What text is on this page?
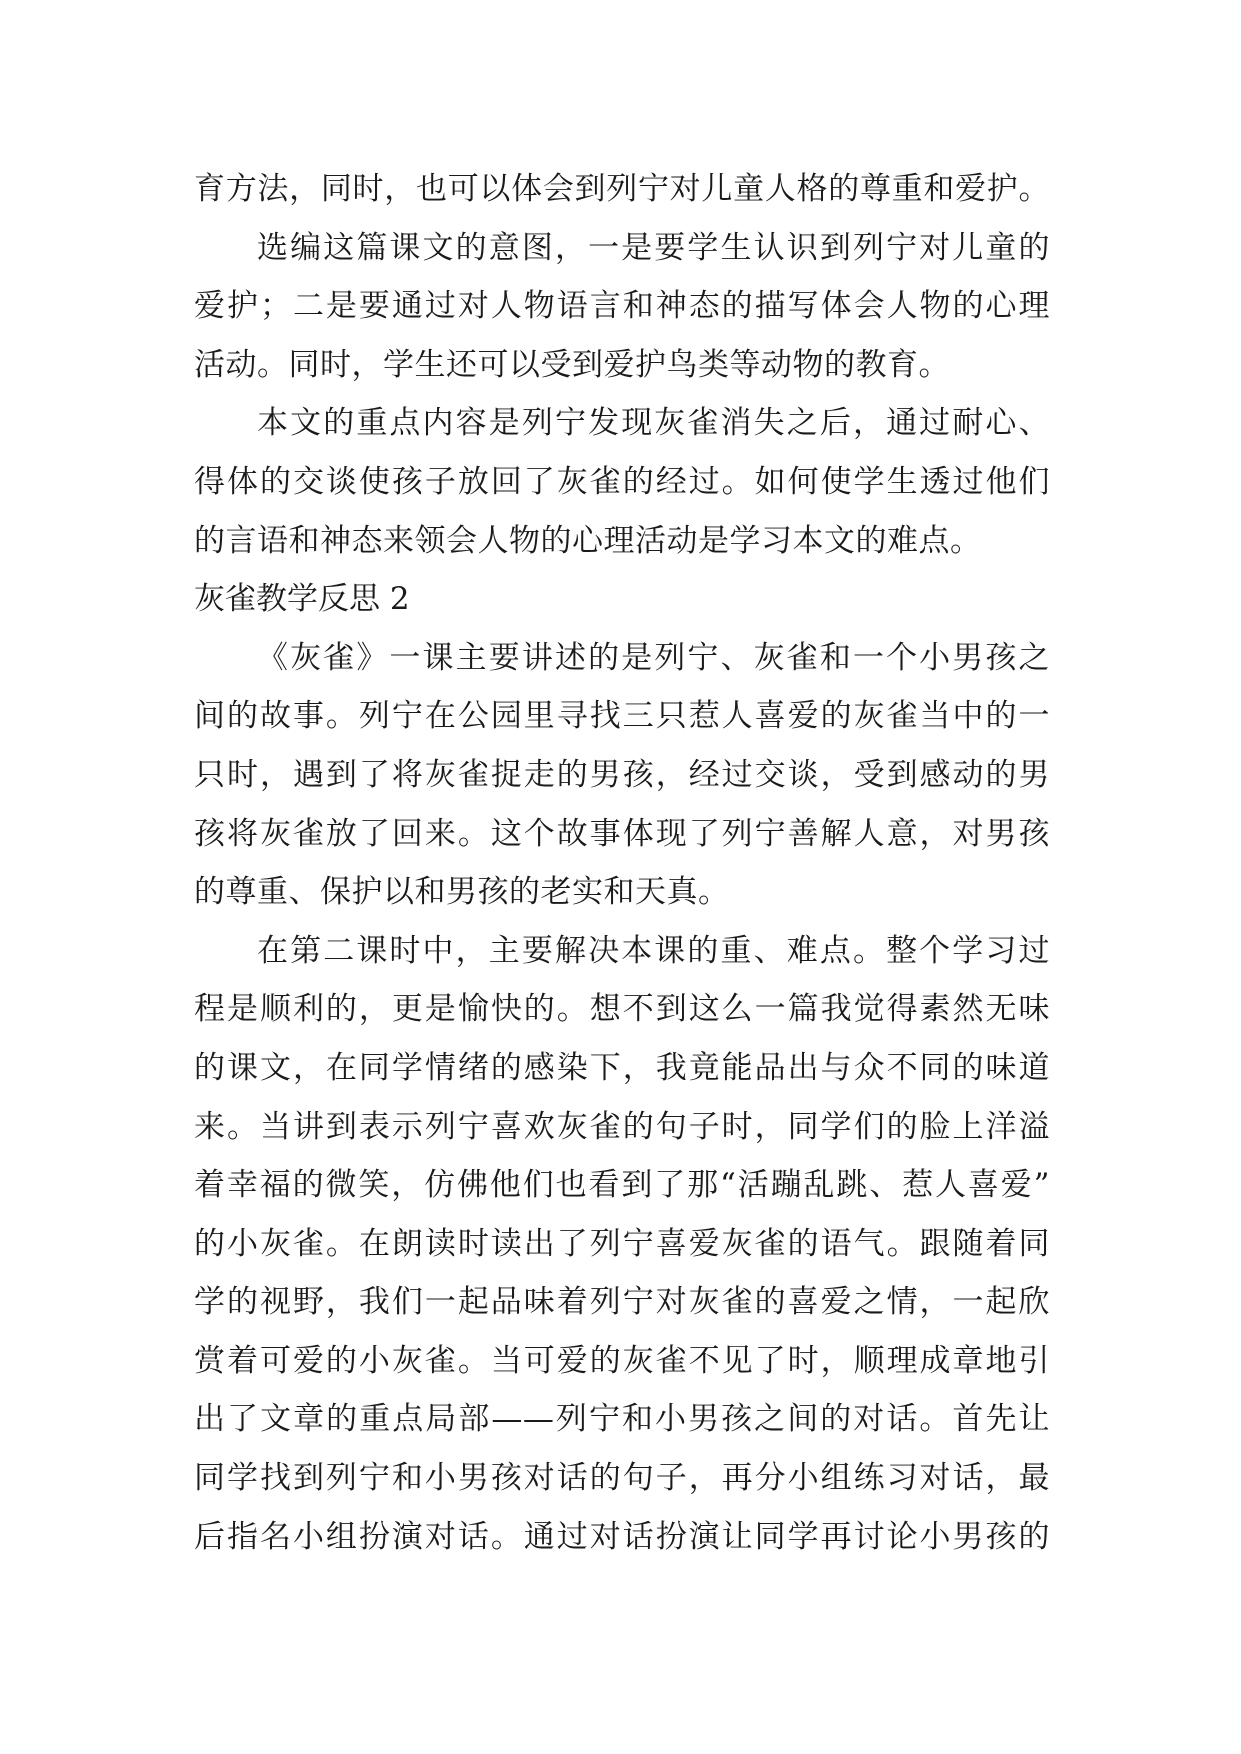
育方法，同时，也可以体会到列宁对儿童人格的尊重和爱护。
选编这篇课文的意图，一是要学生认识到列宁对儿童的
爱护；二是要通过对人物语言和神态的描写体会人物的心理
活动。同时，学生还可以受到爱护鸟类等动物的教育。
本文的重点内容是列宁发现灰雀消失之后，通过耐心、
得体的交谈使孩子放回了灰雀的经过。如何使学生透过他们
的言语和神态来领会人物的心理活动是学习本文的难点。
灰雀教学反思 2
《灰雀》一课主要讲述的是列宁、灰雀和一个小男孩之
间的故事。列宁在公园里寻找三只惹人喜爱的灰雀当中的一
只时，遇到了将灰雀捉走的男孩，经过交谈，受到感动的男
孩将灰雀放了回来。这个故事体现了列宁善解人意，对男孩
的尊重、保护以和男孩的老实和天真。
在第二课时中，主要解决本课的重、难点。整个学习过
程是顺利的，更是愉快的。想不到这么一篇我觉得素然无味
的课文，在同学情绪的感染下，我竟能品出与众不同的味道
来。当讲到表示列宁喜欢灰雀的句子时，同学们的脸上洋溢
着幸福的微笑，仿佛他们也看到了那“活蹦乱跳、惹人喜爱”
的小灰雀。在朗读时读出了列宁喜爱灰雀的语气。跟随着同
学的视野，我们一起品味着列宁对灰雀的喜爱之情，一起欣
赏着可爱的小灰雀。当可爱的灰雀不见了时，顺理成章地引
出了文章的重点局部——列宁和小男孩之间的对话。首先让
同学找到列宁和小男孩对话的句子，再分小组练习对话，最
后指名小组扮演对话。通过对话扮演让同学再讨论小男孩的
